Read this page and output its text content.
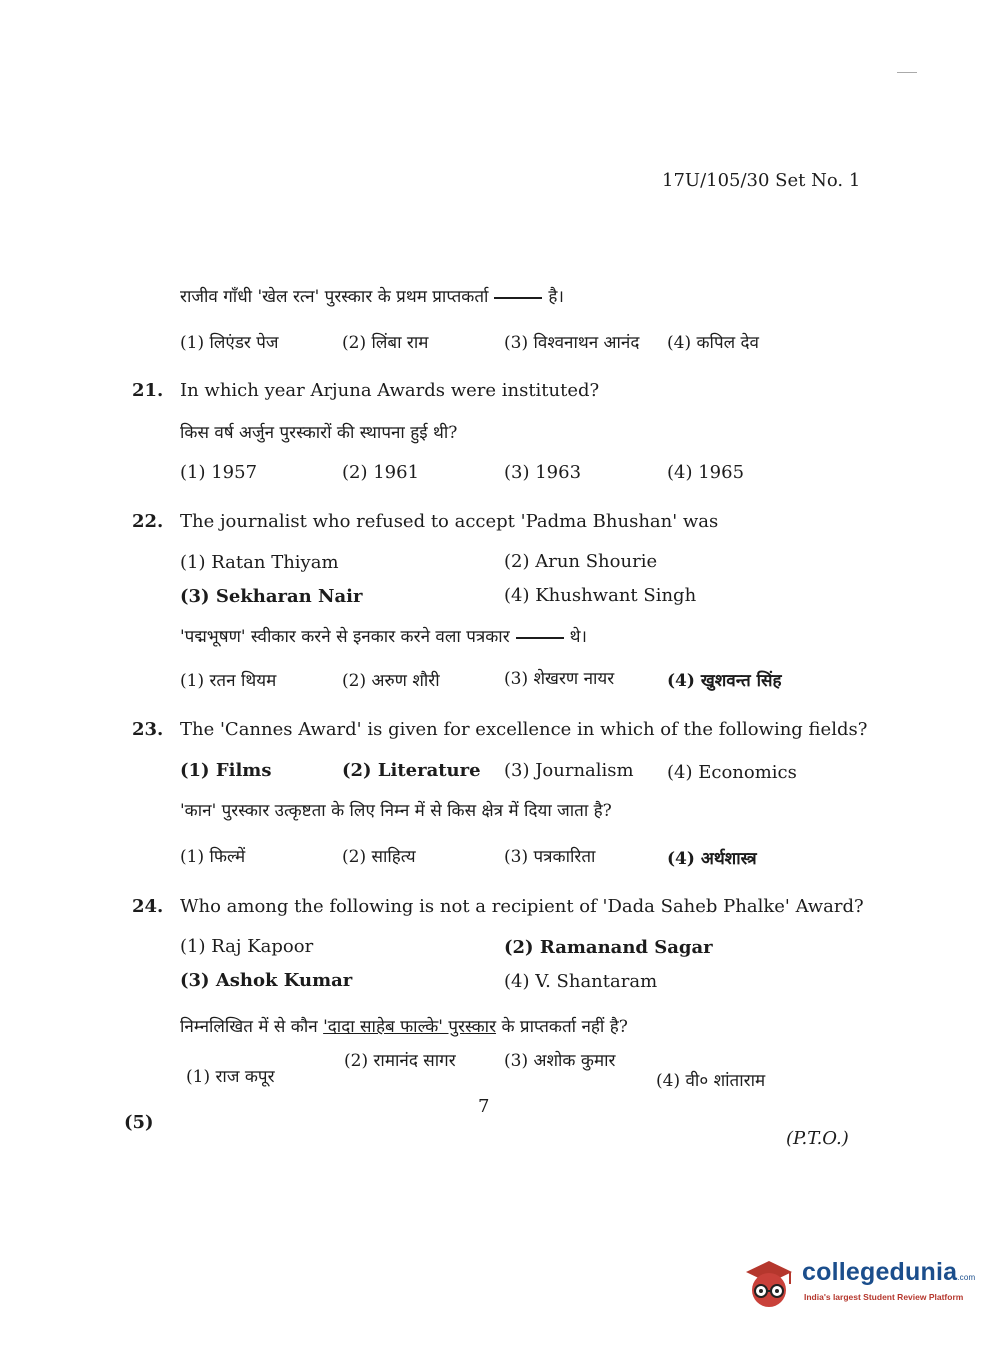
17U/105/30 Set No. 1
राजीव गाँधी 'खेल रत्न' पुरस्कार के प्रथम प्राप्तकर्ता	है।
(1) लिएंडर पेज	(2) लिंबा राम	(3) विश्वनाथन आनंद (4) कपिल देव
21. In which year Arjuna Awards were instituted?
किस वर्ष अर्जुन पुरस्कारों की स्थापना हुई थी?
(1) 1957	(2) 1961	(3) 1963	(4) 1965
22. The journalist who refused to accept 'Padma Bhushan' was
(1) Ratan Thiyam	(2) Arun Shourie
(3) Sekharan Nair	(4) Khushwant Singh
'पद्मभूषण' स्वीकार करने से इनकार करने वला पत्रकार	थे।
(1) रतन थियम	(2) अरुण शौरी	(3) शेखरण नायर	(4) खुशवन्त सिंह
23. The 'Cannes Award' is given for excellence in which of the following fields?
(1) Films	(2) Literature (3) Journalism (4) Economics
'कान' पुरस्कार उत्कृष्टता के लिए निम्न में से किस क्षेत्र में दिया जाता है?
(1) फिल्में	(2) साहित्य	(3) पत्रकारिता	(4) अर्थशास्त्र
24. Who among the following is not a recipient of 'Dada Saheb Phalke' Award?
(1) Raj Kapoor	(2) Ramanand Sagar
(3) Ashok Kumar	(4) V. Shantaram
निम्नलिखित में से कौन 'दादा साहेब फाल्के' पुरस्कार के प्राप्तकर्ता नहीं है?
(1) राज कपूर
(2) रामानंद सागर	(3) अशोक कुमार
(4) वी० शांताराम
7
(5)
(P.T.O.)
collegedunia.com
India's largest Student Review Platform
